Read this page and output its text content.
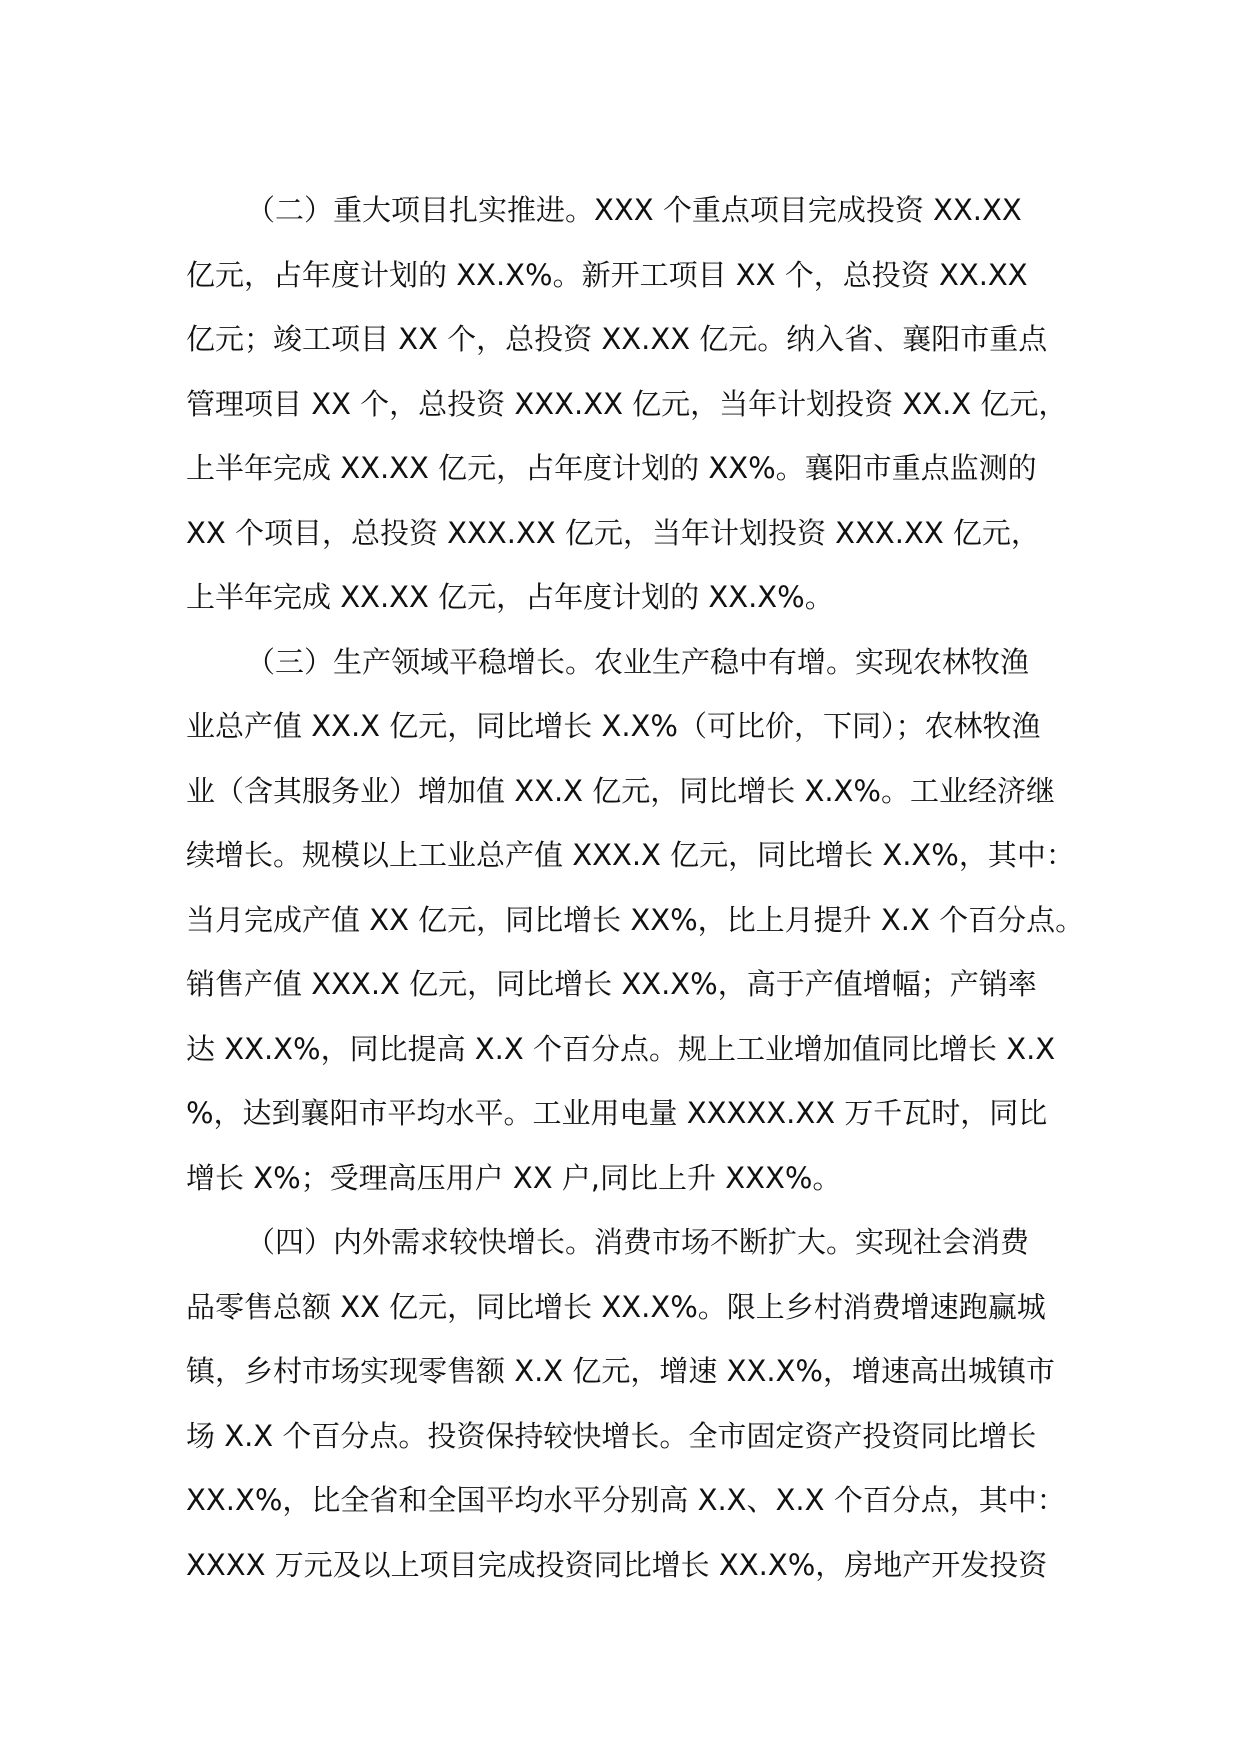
（二）重大项目扎实推进。XXX 个重点项目完成投资 XX.XX
亿元，占年度计划的 XX.X%。新开工项目 XX 个，总投资 XX.XX
亿元；竣工项目 XX 个，总投资 XX.XX 亿元。纳入省、襄阳市重点
管理项目 XX 个，总投资 XXX.XX 亿元，当年计划投资 XX.X 亿元，
上半年完成 XX.XX 亿元，占年度计划的 XX%。襄阳市重点监测的
XX 个项目，总投资 XXX.XX 亿元，当年计划投资 XXX.XX 亿元，
上半年完成 XX.XX 亿元，占年度计划的 XX.X%。
（三）生产领域平稳增长。农业生产稳中有增。实现农林牧渔
业总产值 XX.X 亿元，同比增长 X.X%（可比价，下同）；农林牧渔
业（含其服务业）增加值 XX.X 亿元，同比增长 X.X%。工业经济继
续增长。规模以上工业总产值 XXX.X 亿元，同比增长 X.X%，其中：
当月完成产值 XX 亿元，同比增长 XX%，比上月提升 X.X 个百分点。
销售产值 XXX.X 亿元，同比增长 XX.X%，高于产值增幅；产销率
达 XX.X%，同比提高 X.X 个百分点。规上工业增加值同比增长 X.X
%，达到襄阳市平均水平。工业用电量 XXXXX.XX 万千瓦时，同比
增长 X%；受理高压用户 XX 户,同比上升 XXX%。
（四）内外需求较快增长。消费市场不断扩大。实现社会消费
品零售总额 XX 亿元，同比增长 XX.X%。限上乡村消费增速跑赢城
镇，乡村市场实现零售额 X.X 亿元，增速 XX.X%，增速高出城镇市
场 X.X 个百分点。投资保持较快增长。全市固定资产投资同比增长
XX.X%，比全省和全国平均水平分别高 X.X、X.X 个百分点，其中：
XXXX 万元及以上项目完成投资同比增长 XX.X%，房地产开发投资
